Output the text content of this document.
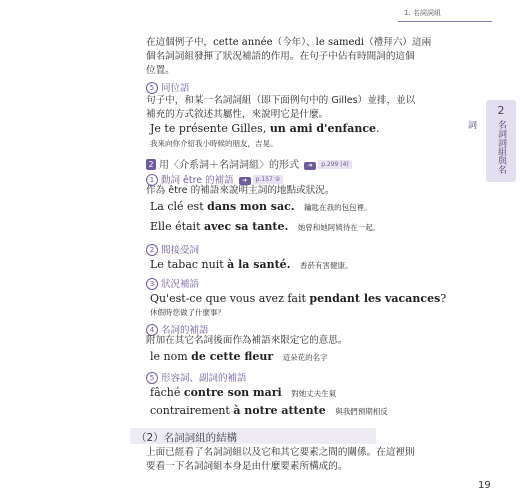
1. 名詞詞組
2
名詞詞組與名詞
在這個例子中，cette année（今年）、le samedi（禮拜六）這兩
個名詞詞組發揮了狀況補語的作用。在句子中佔有時間詞的這個
位置。
5 同位語
句子中，和某一名詞詞組（即下面例句中的 Gilles）並排，並以
補充的方式敘述其屬性，來說明它是什麼。
Je te présente Gilles, un ami d'enfance.
我來向你介紹我小時候的朋友，吉晃。
2 用〈介系詞＋名詞詞組〉的形式 ➜ p.299 (4)
1 動詞 être 的補語 ➜ p.157 ②
作為 être 的補語來說明主詞的地點或狀況。
La clé est dans mon sac. 鑰匙在我的包包裡。
Elle était avec sa tante. 她曾和她阿姨待在一起。
2 間接受詞
Le tabac nuit à la santé. 香菸有害健康。
3 狀況補語
Qu'est-ce que vous avez fait pendant les vacances?
休假時您做了什麼事？
4 名詞的補語
附加在其它名詞後面作為補語來限定它的意思。
le nom de cette fleur 這朵花的名字
5 形容詞、副詞的補語
fâché contre son mari 對她丈夫生氣
contrairement à notre attente 與我們預期相反
（2）名詞詞組的結構
上面已經看了名詞詞組以及它和其它要素之間的關係。在這裡則
要看一下名詞詞組本身是由什麼要素所構成的。
19
